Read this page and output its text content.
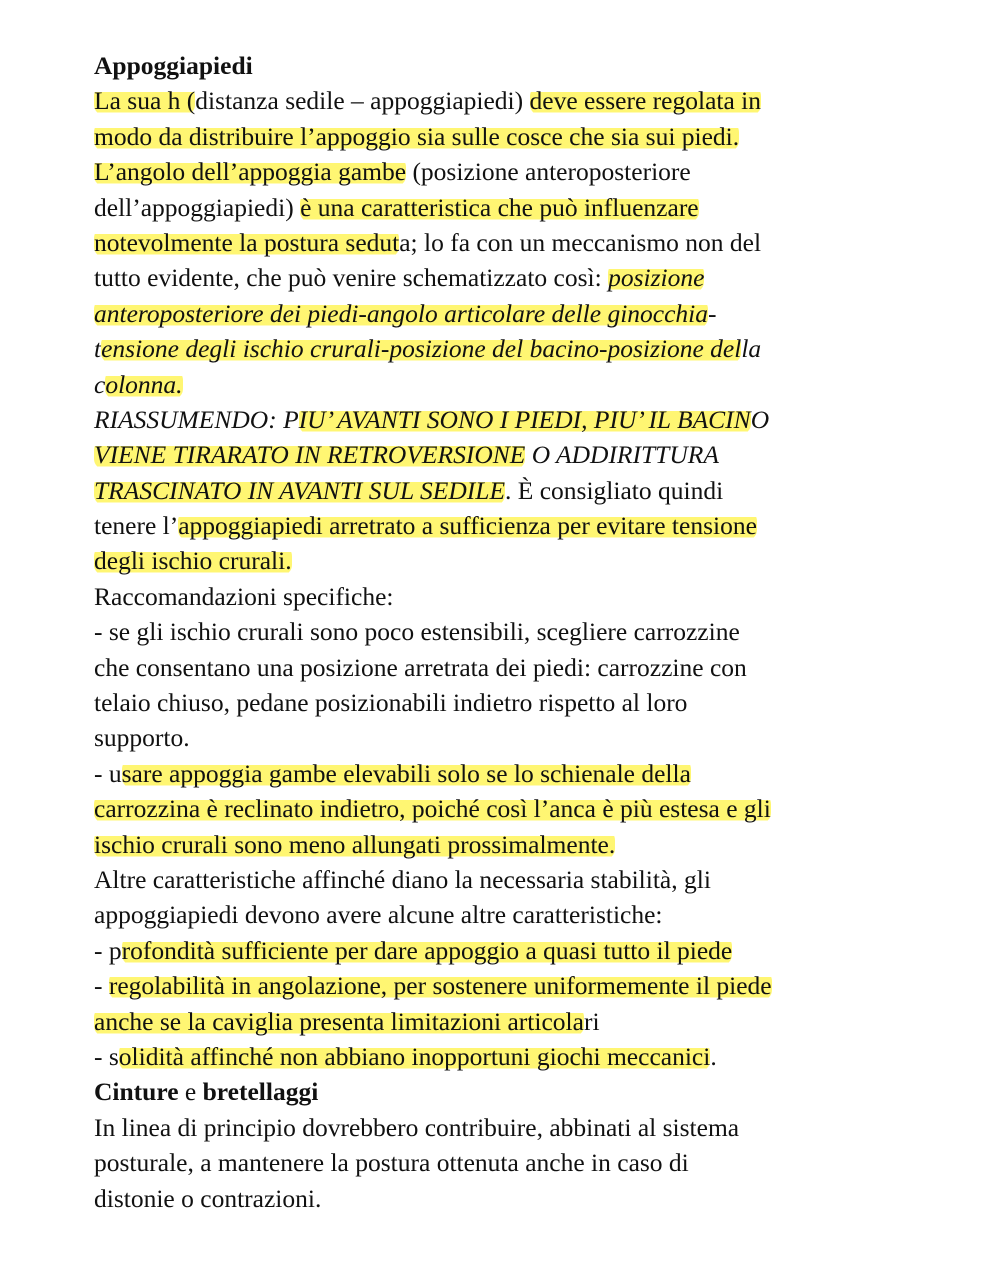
Appoggiapiedi
La sua h (distanza sedile – appoggiapiedi) deve essere regolata in
modo da distribuire l’appoggio sia sulle cosce che sia sui piedi.
L’angolo dell’appoggia gambe (posizione anteroposteriore
dell’appoggiapiedi) è una caratteristica che può influenzare
notevolmente la postura seduta; lo fa con un meccanismo non del
tutto evidente, che può venire schematizzato così: posizione
anteroposteriore dei piedi-angolo articolare delle ginocchia-
tensione degli ischio crurali-posizione del bacino-posizione della
colonna.
RIASSUMENDO: PIU’ AVANTI SONO I PIEDI, PIU’ IL BACINO
VIENE TIRARATO IN RETROVERSIONE O ADDIRITTURA
TRASCINATO IN AVANTI SUL SEDILE. È consigliato quindi
tenere l’appoggiapiedi arretrato a sufficienza per evitare tensione
degli ischio crurali.
Raccomandazioni specifiche:
- se gli ischio crurali sono poco estensibili, scegliere carrozzine
che consentano una posizione arretrata dei piedi: carrozzine con
telaio chiuso, pedane posizionabili indietro rispetto al loro
supporto.
- usare appoggia gambe elevabili solo se lo schienale della
carrozzina è reclinato indietro, poiché così l’anca è più estesa e gli
ischio crurali sono meno allungati prossimalmente.
Altre caratteristiche affinché diano la necessaria stabilità, gli
appoggiapiedi devono avere alcune altre caratteristiche:
- profondità sufficiente per dare appoggio a quasi tutto il piede
- regolabilità in angolazione, per sostenere uniformemente il piede
anche se la caviglia presenta limitazioni articolari
- solidità affinché non abbiano inopportuni giochi meccanici.
Cinture e bretellaggi
In linea di principio dovrebbero contribuire, abbinati al sistema
posturale, a mantenere la postura ottenuta anche in caso di
distonie o contrazioni.
